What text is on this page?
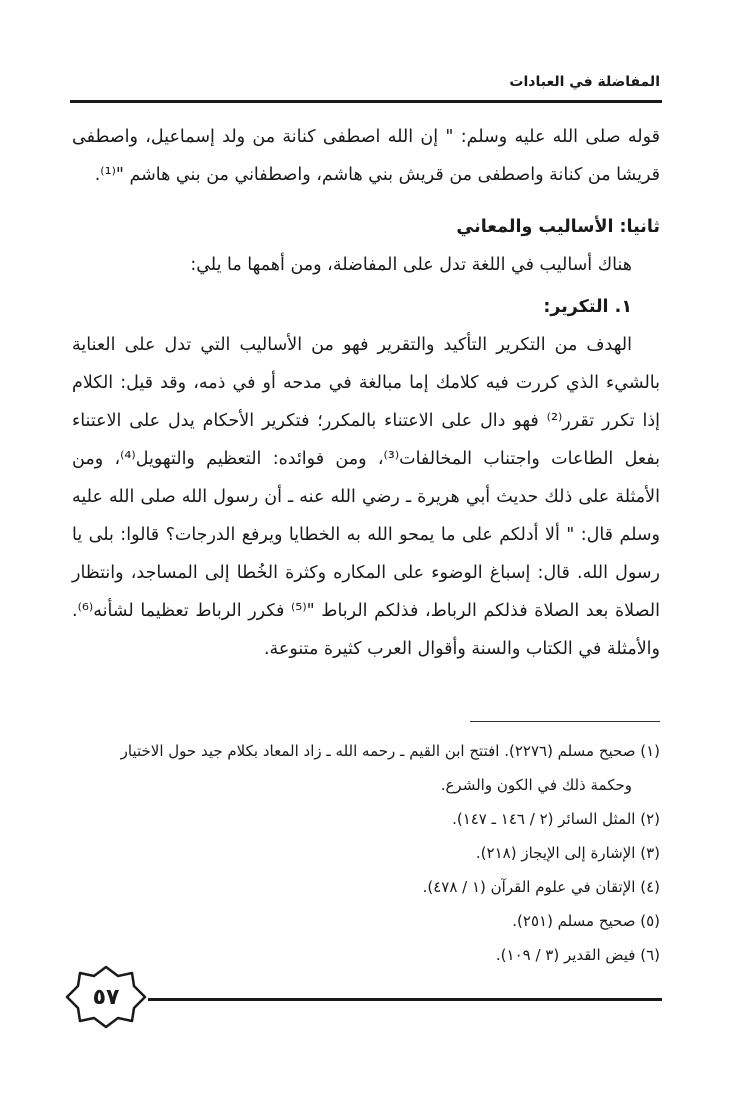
المفاضلة في العبادات

قوله صلى الله عليه وسلم: " إن الله اصطفى كنانة من ولد إسماعيل، واصطفى قريشا من كنانة واصطفى من قريش بني هاشم، واصطفاني من بني هاشم "⁽¹⁾.

ثانيا: الأساليب والمعاني

هناك أساليب في اللغة تدل على المفاضلة، ومن أهمها ما يلي:

١. التكرير:

الهدف من التكرير التأكيد والتقرير فهو من الأساليب التي تدل على العناية بالشيء الذي كررت فيه كلامك إما مبالغة في مدحه أو في ذمه، وقد قيل: الكلام إذا تكرر تقرر⁽²⁾ فهو دال على الاعتناء بالمكرر؛ فتكرير الأحكام يدل على الاعتناء بفعل الطاعات واجتناب المخالفات⁽³⁾، ومن فوائده: التعظيم والتهويل⁽⁴⁾، ومن الأمثلة على ذلك حديث أبي هريرة ـ رضي الله عنه ـ أن رسول الله صلى الله عليه وسلم قال: " ألا أدلكم على ما يمحو الله به الخطايا ويرفع الدرجات؟ قالوا: بلى يا رسول الله. قال: إسباغ الوضوء على المكاره وكثرة الخُطا إلى المساجد، وانتظار الصلاة بعد الصلاة فذلكم الرباط، فذلكم الرباط "⁽⁵⁾ فكرر الرباط تعظيما لشأنه⁽⁶⁾. والأمثلة في الكتاب والسنة وأقوال العرب كثيرة متنوعة.

(١) صحيح مسلم (٢٢٧٦). افتتح ابن القيم ـ رحمه الله ـ زاد المعاد بكلام جيد حول الاختيار
وحكمة ذلك في الكون والشرع.
(٢) المثل السائر (٢ / ١٤٦ ـ ١٤٧).
(٣) الإشارة إلى الإيجاز (٢١٨).
(٤) الإتقان في علوم القرآن (١ / ٤٧٨).
(٥) صحيح مسلم (٢٥١).
(٦) فيض القدير (٣ / ١٠٩).
٥٧
